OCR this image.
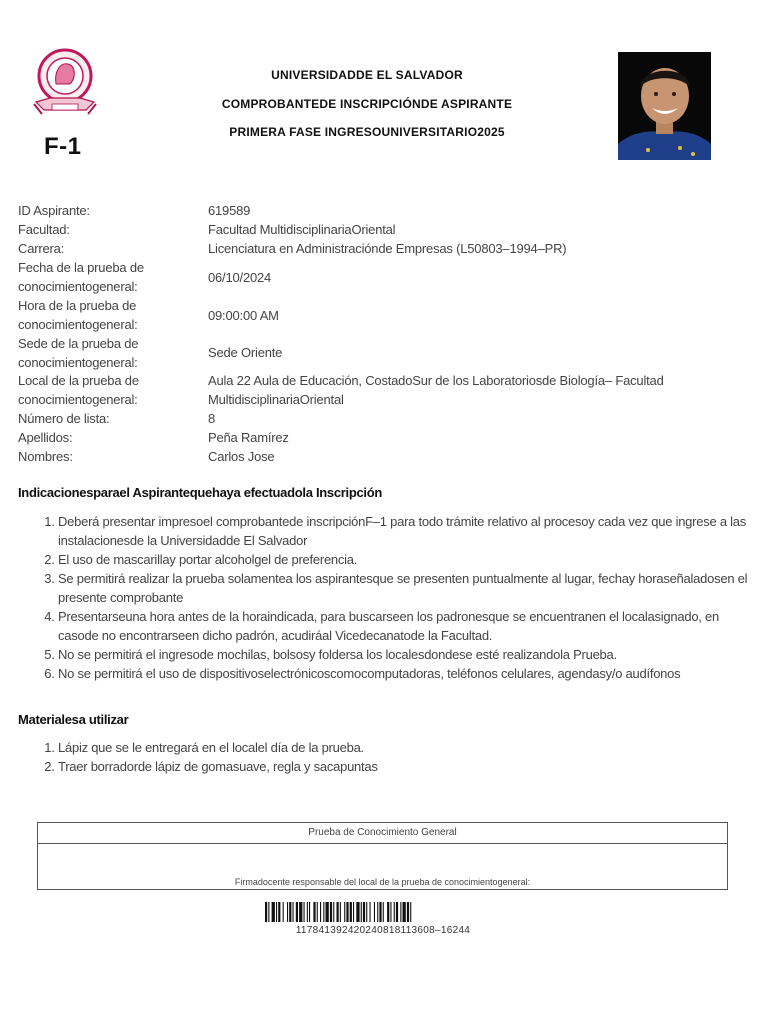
F-1
UNIVERSIDADDE EL SALVADOR
COMPROBANTEDE INSCRIPCIÓNDE ASPIRANTE
PRIMERA FASE INGRESOUNIVERSITARIO2025
ID Aspirante:	619589
Facultad:	Facultad MultidisciplinariaOriental
Carrera:	Licenciatura en Administraciónde Empresas (L50803–1994–PR)
Fecha de la prueba de
conocimientogeneral:
06/10/2024
Hora de la prueba de
conocimientogeneral:
09:00:00 AM
Sede de la prueba de
conocimientogeneral:
Sede Oriente
Local de la prueba de
conocimientogeneral:
Aula 22 Aula de Educación, CostadoSur de los Laboratoriosde Biología– Facultad
MultidisciplinariaOriental
Número de lista:	8
Apellidos:	Peña Ramírez
Nombres:	Carlos Jose
Indicacionesparael Aspirantequehaya efectuadola Inscripción
1. Deberá presentar impresoel comprobantede inscripciónF–1 para todo trámite relativo al procesoy cada vez que ingrese a las instalacionesde la Universidadde El Salvador
2. El uso de mascarillay portar alcoholgel de preferencia.
3. Se permitirá realizar la prueba solamentea los aspirantesque se presenten puntualmente al lugar, fechay horaseñaladosen el presente comprobante
4. Presentarseuna hora antes de la horaindicada, para buscarseen los padronesque se encuentranen el localasignado, en casode no encontrarseen dicho padrón, acudiráal Vicedecanatode la Facultad.
5. No se permitirá el ingresode mochilas, bolsosy foldersa los localesdondese esté realizandola Prueba.
6. No se permitirá el uso de dispositivoselectrónicoscomocomputadoras, teléfonos celulares, agendasy/o audífonos
Materialesa utilizar
1. Lápiz que se le entregará en el localel día de la prueba.
2. Traer borradorde lápiz de gomasuave, regla y sacapuntas
Prueba de Conocimiento General
Firmadocente responsable del local de la prueba de conocimientogeneral:
117841392420240818113608–16244
